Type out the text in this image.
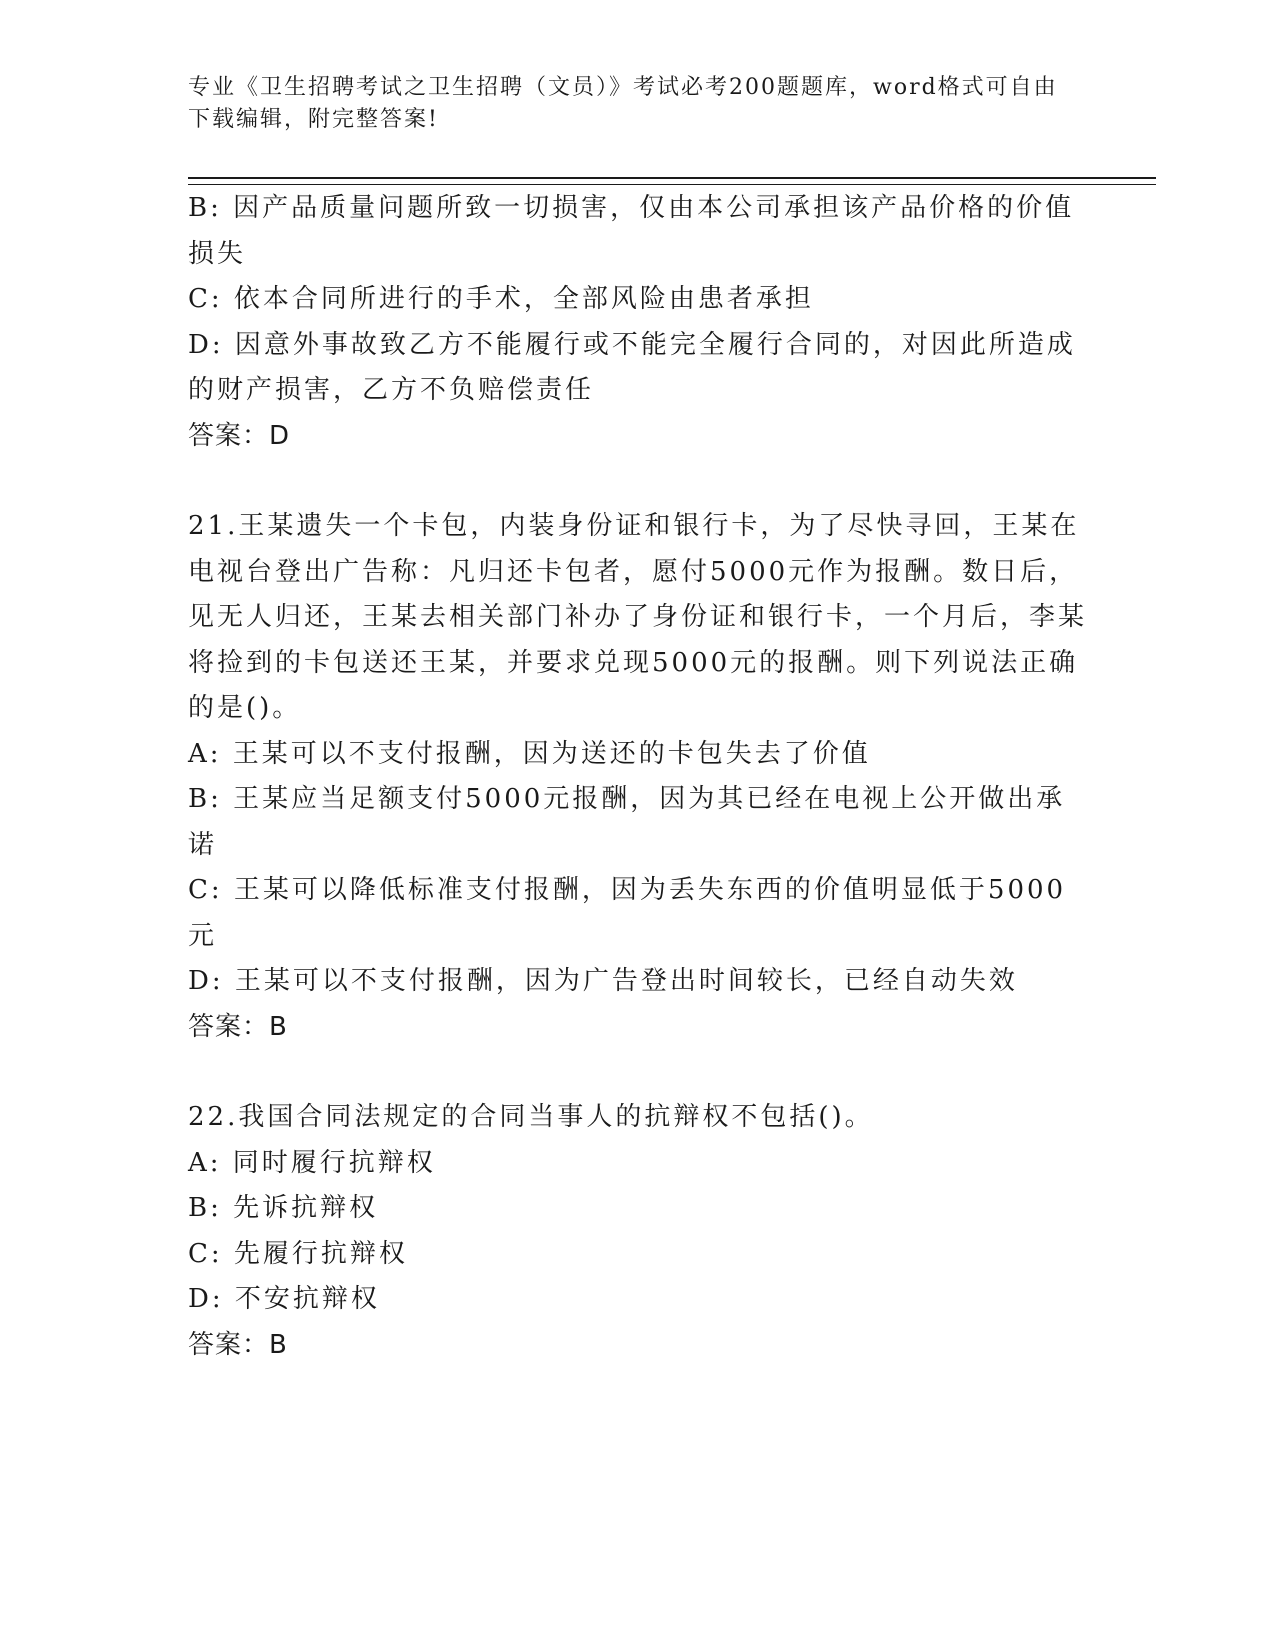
专业《卫生招聘考试之卫生招聘（文员）》考试必考200题题库，word格式可自由下载编辑，附完整答案!
B: 因产品质量问题所致一切损害，仅由本公司承担该产品价格的价值损失
C: 依本合同所进行的手术，全部风险由患者承担
D: 因意外事故致乙方不能履行或不能完全履行合同的，对因此所造成的财产损害，乙方不负赔偿责任
答案：D
21.王某遗失一个卡包，内装身份证和银行卡，为了尽快寻回，王某在电视台登出广告称：凡归还卡包者，愿付5000元作为报酬。数日后，见无人归还，王某去相关部门补办了身份证和银行卡，一个月后，李某将捡到的卡包送还王某，并要求兑现5000元的报酬。则下列说法正确的是()。
A: 王某可以不支付报酬，因为送还的卡包失去了价值
B: 王某应当足额支付5000元报酬，因为其已经在电视上公开做出承诺
C: 王某可以降低标准支付报酬，因为丢失东西的价值明显低于5000元
D: 王某可以不支付报酬，因为广告登出时间较长，已经自动失效
答案：B
22.我国合同法规定的合同当事人的抗辩权不包括()。
A: 同时履行抗辩权
B: 先诉抗辩权
C: 先履行抗辩权
D: 不安抗辩权
答案：B
